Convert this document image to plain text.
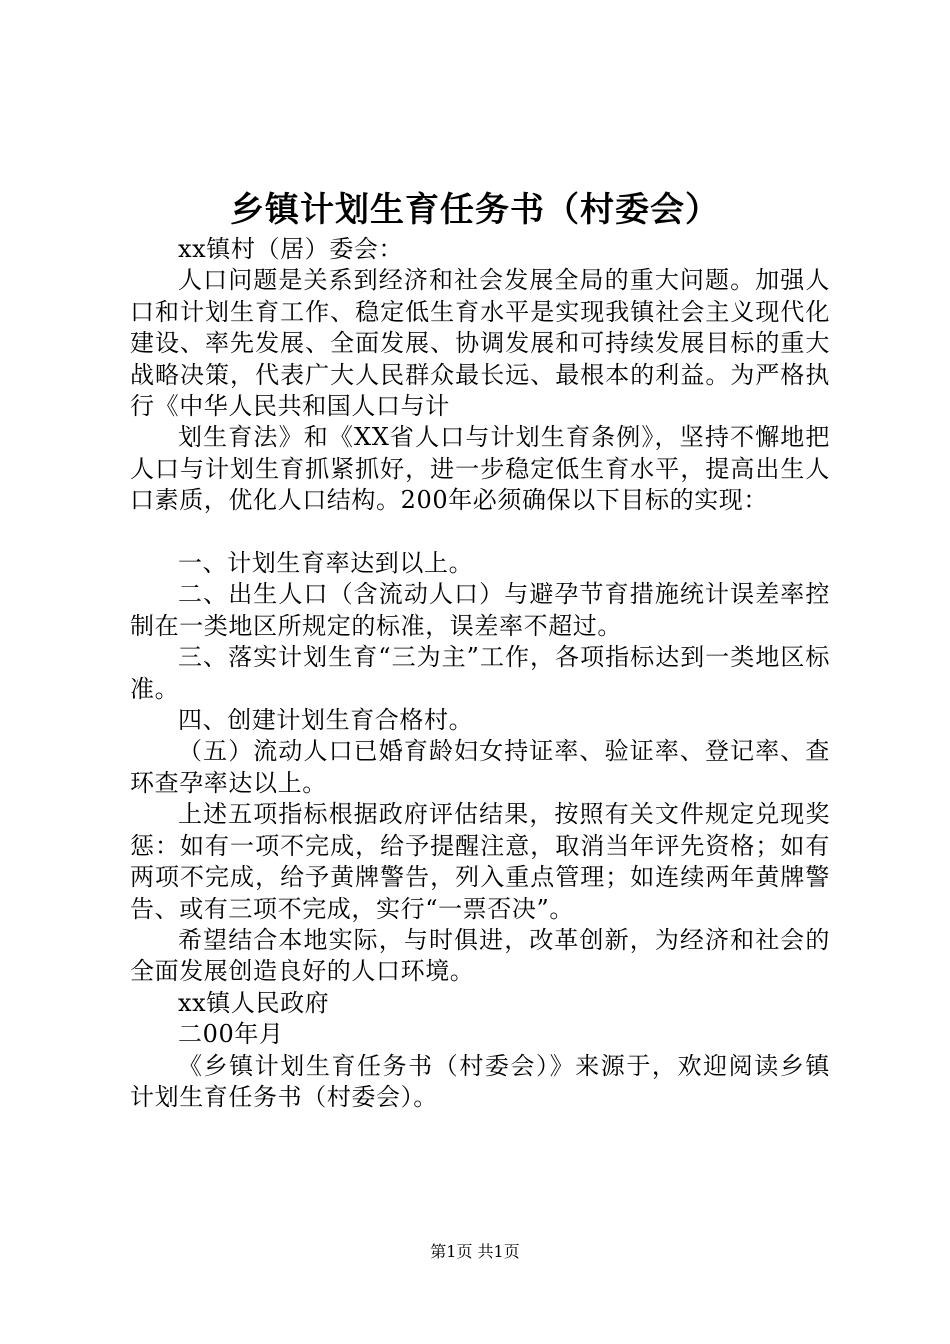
乡镇计划生育任务书（村委会）

xx镇村（居）委会：

人口问题是关系到经济和社会发展全局的重大问题。加强人口和计划生育工作、稳定低生育水平是实现我镇社会主义现代化建设、率先发展、全面发展、协调发展和可持续发展目标的重大战略决策，代表广大人民群众最长远、最根本的利益。为严格执行《中华人民共和国人口与计

划生育法》和《XX省人口与计划生育条例》，坚持不懈地把人口与计划生育抓紧抓好，进一步稳定低生育水平，提高出生人口素质，优化人口结构。200年必须确保以下目标的实现：

一、计划生育率达到以上。

二、出生人口（含流动人口）与避孕节育措施统计误差率控制在一类地区所规定的标准，误差率不超过。

三、落实计划生育“三为主”工作，各项指标达到一类地区标准。

四、创建计划生育合格村。

（五）流动人口已婚育龄妇女持证率、验证率、登记率、查环查孕率达以上。

上述五项指标根据政府评估结果，按照有关文件规定兑现奖惩：如有一项不完成，给予提醒注意，取消当年评先资格；如有两项不完成，给予黄牌警告，列入重点管理；如连续两年黄牌警告、或有三项不完成，实行“一票否决”。

希望结合本地实际，与时俱进，改革创新，为经济和社会的全面发展创造良好的人口环境。

xx镇人民政府

二00年月

《乡镇计划生育任务书（村委会）》来源于，欢迎阅读乡镇计划生育任务书（村委会）。

第1页 共1页
